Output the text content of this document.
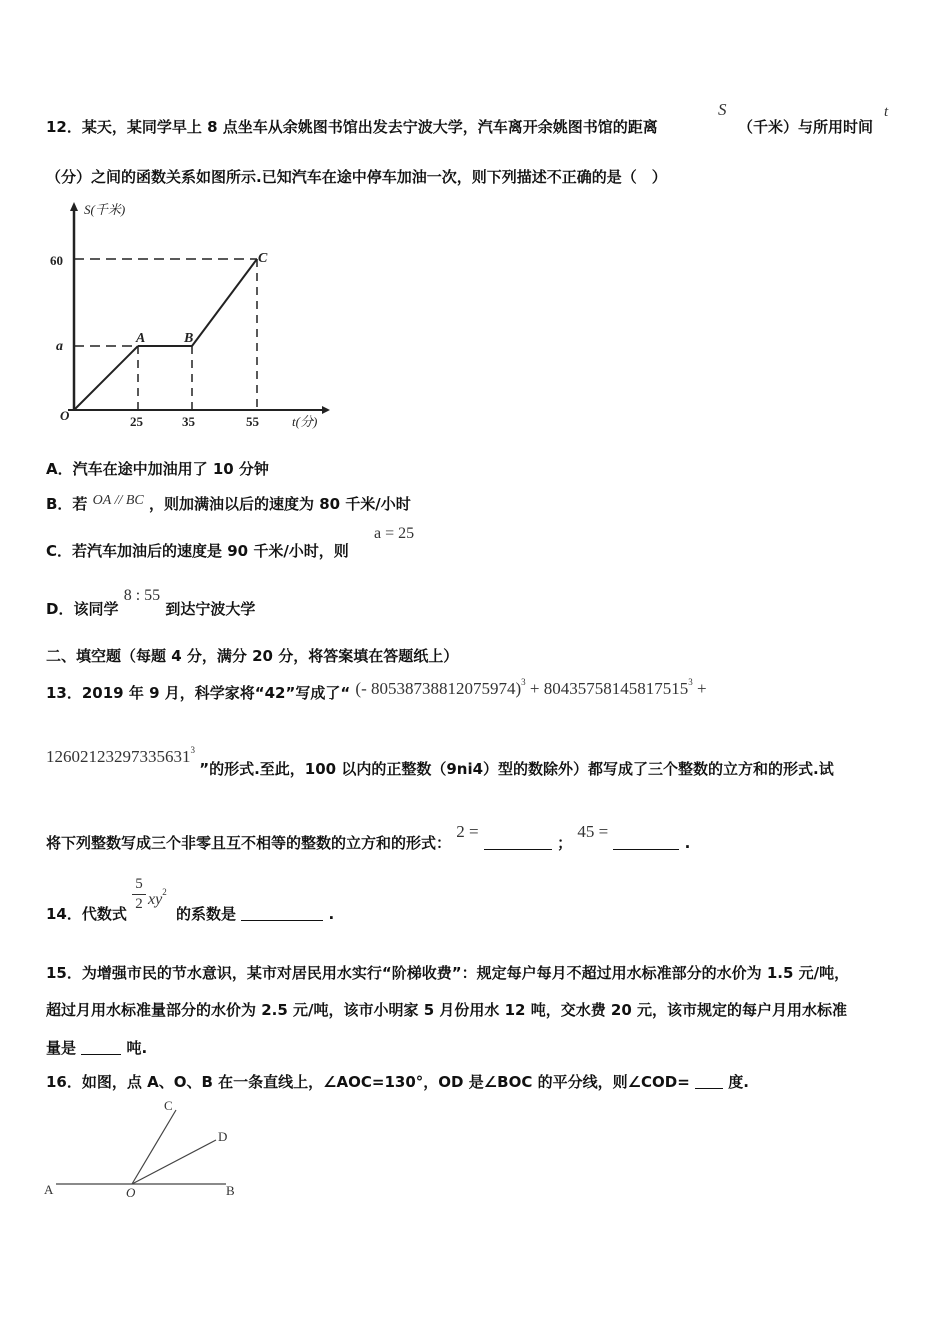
12．某天，某同学早上 8 点坐车从余姚图书馆出发去宁波大学，汽车离开余姚图书馆的距离
S
（千米）与所用时间
t
（分）之间的函数关系如图所示.已知汽车在途中停车加油一次，则下列描述不正确的是（　）
S(千米)
t(分)
O
60
a
25	35	55
A	B
C
A．汽车在途中加油用了 10 分钟
B．若 OA // BC ，则加满油以后的速度为 80 千米/小时
C．若汽车加油后的速度是 90 千米/小时，则
a = 25
D．该同学 8 : 55 到达宁波大学
二、填空题（每题 4 分，满分 20 分，将答案填在答题纸上）
13．2019 年 9 月，科学家将“42”写成了“ (- $80538738812075974)^3 + 80435758145817515^3$ +
$12602123297335631^3$ ”的形式.至此，100 以内的正整数（9ni4）型的数除外）都写成了三个整数的立方和的形式.试
将下列整数写成三个非零且互不相等的整数的立方和的形式： 2 =  ； 45 =  .
14．代数式
5
2 $xy^2$
的系数是	.
15．为增强市民的节水意识，某市对居民用水实行“阶梯收费”：规定每户每月不超过用水标准部分的水价为 1.5 元/吨，
超过月用水标准量部分的水价为 2.5 元/吨，该市小明家 5 月份用水 12 吨，交水费 20 元，该市规定的每户月用水标准
量是	吨.
16．如图，点 A、O、B 在一条直线上，∠AOC=130°，OD 是∠BOC 的平分线，则∠COD=	度.
A	O	B
C
D
